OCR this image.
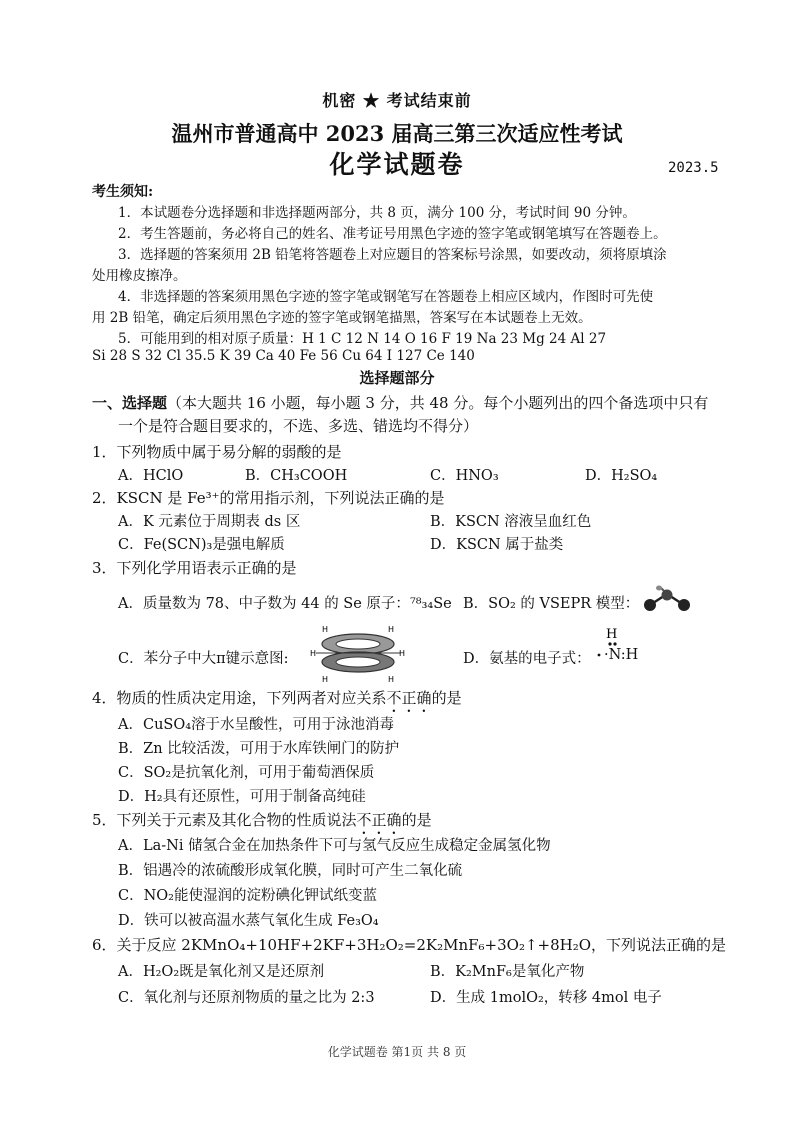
机密 ★ 考试结束前
温州市普通高中 2023 届高三第三次适应性考试
化学试题卷	2023.5
考生须知:
1．本试题卷分选择题和非选择题两部分，共 8 页，满分 100 分，考试时间 90 分钟。
2．考生答题前，务必将自己的姓名、准考证号用黑色字迹的签字笔或钢笔填写在答题卷上。
3．选择题的答案须用 2B 铅笔将答题卷上对应题目的答案标号涂黑，如要改动，须将原填涂
处用橡皮擦净。
4．非选择题的答案须用黑色字迹的签字笔或钢笔写在答题卷上相应区域内，作图时可先使
用 2B 铅笔，确定后须用黑色字迹的签字笔或钢笔描黑，答案写在本试题卷上无效。
5．可能用到的相对原子质量：H 1 C 12 N 14 O 16 F 19 Na 23 Mg 24 Al 27
Si 28 S 32 Cl 35.5 K 39 Ca 40 Fe 56 Cu 64 I 127 Ce 140
选择题部分
一、选择题（本大题共 16 小题，每小题 3 分，共 48 分。每个小题列出的四个备选项中只有
一个是符合题目要求的，不选、多选、错选均不得分）
1．下列物质中属于易分解的弱酸的是
A．HClO	B．CH₃COOH	C．HNO₃	D．H₂SO₄
2．KSCN 是 Fe³⁺的常用指示剂，下列说法正确的是
A．K 元素位于周期表 ds 区	B．KSCN 溶液呈血红色
C．Fe(SCN)₃是强电解质	D．KSCN 属于盐类
3．下列化学用语表示正确的是
A．质量数为 78、中子数为 44 的 Se 原子：⁷⁸₃₄Se B．SO₂ 的 VSEPR 模型：
C．苯分子中大π键示意图:
H	H
H	H
H	H
D．氨基的电子式：
H
·N:H
4．物质的性质决定用途，下列两者对应关系不正确的是
A．CuSO₄溶于水呈酸性，可用于泳池消毒
B．Zn 比较活泼，可用于水库铁闸门的防护
C．SO₂是抗氧化剂，可用于葡萄酒保质
D．H₂具有还原性，可用于制备高纯硅
5．下列关于元素及其化合物的性质说法不正确的是
A．La-Ni 储氢合金在加热条件下可与氢气反应生成稳定金属氢化物
B．铝遇冷的浓硫酸形成氧化膜，同时可产生二氧化硫
C．NO₂能使湿润的淀粉碘化钾试纸变蓝
D．铁可以被高温水蒸气氧化生成 Fe₃O₄
6．关于反应 2KMnO₄+10HF+2KF+3H₂O₂=2K₂MnF₆+3O₂↑+8H₂O，下列说法正确的是
A．H₂O₂既是氧化剂又是还原剂	B．K₂MnF₆是氧化产物
C．氧化剂与还原剂物质的量之比为 2:3	D．生成 1molO₂，转移 4mol 电子
化学试题卷 第1页 共 8 页
